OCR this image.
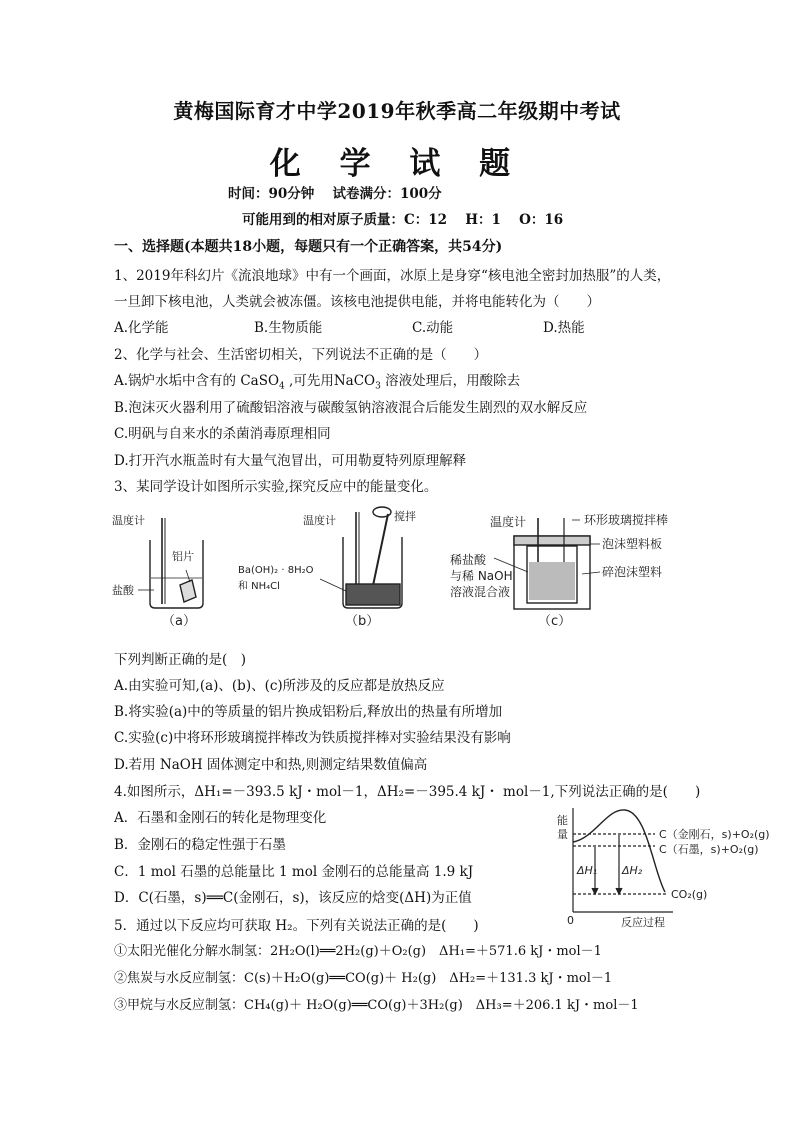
黄梅国际育才中学2019年秋季高二年级期中考试
化 学 试 题
时间：90分钟　 试卷满分：100分
可能用到的相对原子质量：C：12　 H：1　 O：16
一、选择题(本题共18小题，每题只有一个正确答案，共54分)
1、2019年科幻片《流浪地球》中有一个画面，冰原上是身穿“核电池全密封加热服”的人类，
一旦卸下核电池，人类就会被冻僵。该核电池提供电能，并将电能转化为（　　）
A.化学能	B.生物质能	C.动能	D.热能
2、化学与社会、生活密切相关，下列说法不正确的是（　　）
A.锅炉水垢中含有的 CaSO$_4$ ,可先用NaCO$_3$ 溶液处理后，用酸除去
B.泡沫灭火器利用了硫酸铝溶液与碳酸氢钠溶液混合后能发生剧烈的双水解反应
C.明矾与自来水的杀菌消毒原理相同
D.打开汽水瓶盖时有大量气泡冒出，可用勒夏特列原理解释
3、某同学设计如图所示实验,探究反应中的能量变化。
温度计
铝片
盐酸
（a）
温度计	搅拌
Ba(OH)₂ · 8H₂O
和 NH₄Cl
（b）
温度计	环形玻璃搅拌棒
泡沫塑料板
碎泡沫塑料
稀盐酸
与稀 NaOH
溶液混合液
（c）
下列判断正确的是(　)
A.由实验可知,(a)、(b)、(c)所涉及的反应都是放热反应
B.将实验(a)中的等质量的铝片换成铝粉后,释放出的热量有所增加
C.实验(c)中将环形玻璃搅拌棒改为铁质搅拌棒对实验结果没有影响
D.若用 NaOH 固体测定中和热,则测定结果数值偏高
4.如图所示，ΔH₁=－393.5 kJ・mol－1，ΔH₂=－395.4 kJ・ mol－1,下列说法正确的是(　　)
A．石墨和金刚石的转化是物理变化
B．金刚石的稳定性强于石墨
C．1 mol 石墨的总能量比 1 mol 金刚石的总能量高 1.9 kJ
D．C(石墨，s)══C(金刚石，s)，该反应的焓变(ΔH)为正值
能
量
0	反应过程
C（金刚石，s)+O₂(g)
C（石墨，s)+O₂(g)
CO₂(g)
ΔH₁ ΔH₂
5．通过以下反应均可获取 H₂。下列有关说法正确的是(　　)
①太阳光催化分解水制氢：2H₂O(l)══2H₂(g)＋O₂(g)　ΔH₁=＋571.6 kJ・mol－1
②焦炭与水反应制氢：C(s)＋H₂O(g)══CO(g)＋ H₂(g)　ΔH₂=＋131.3 kJ・mol－1
③甲烷与水反应制氢：CH₄(g)＋ H₂O(g)══CO(g)＋3H₂(g)　ΔH₃=＋206.1 kJ・mol－1
